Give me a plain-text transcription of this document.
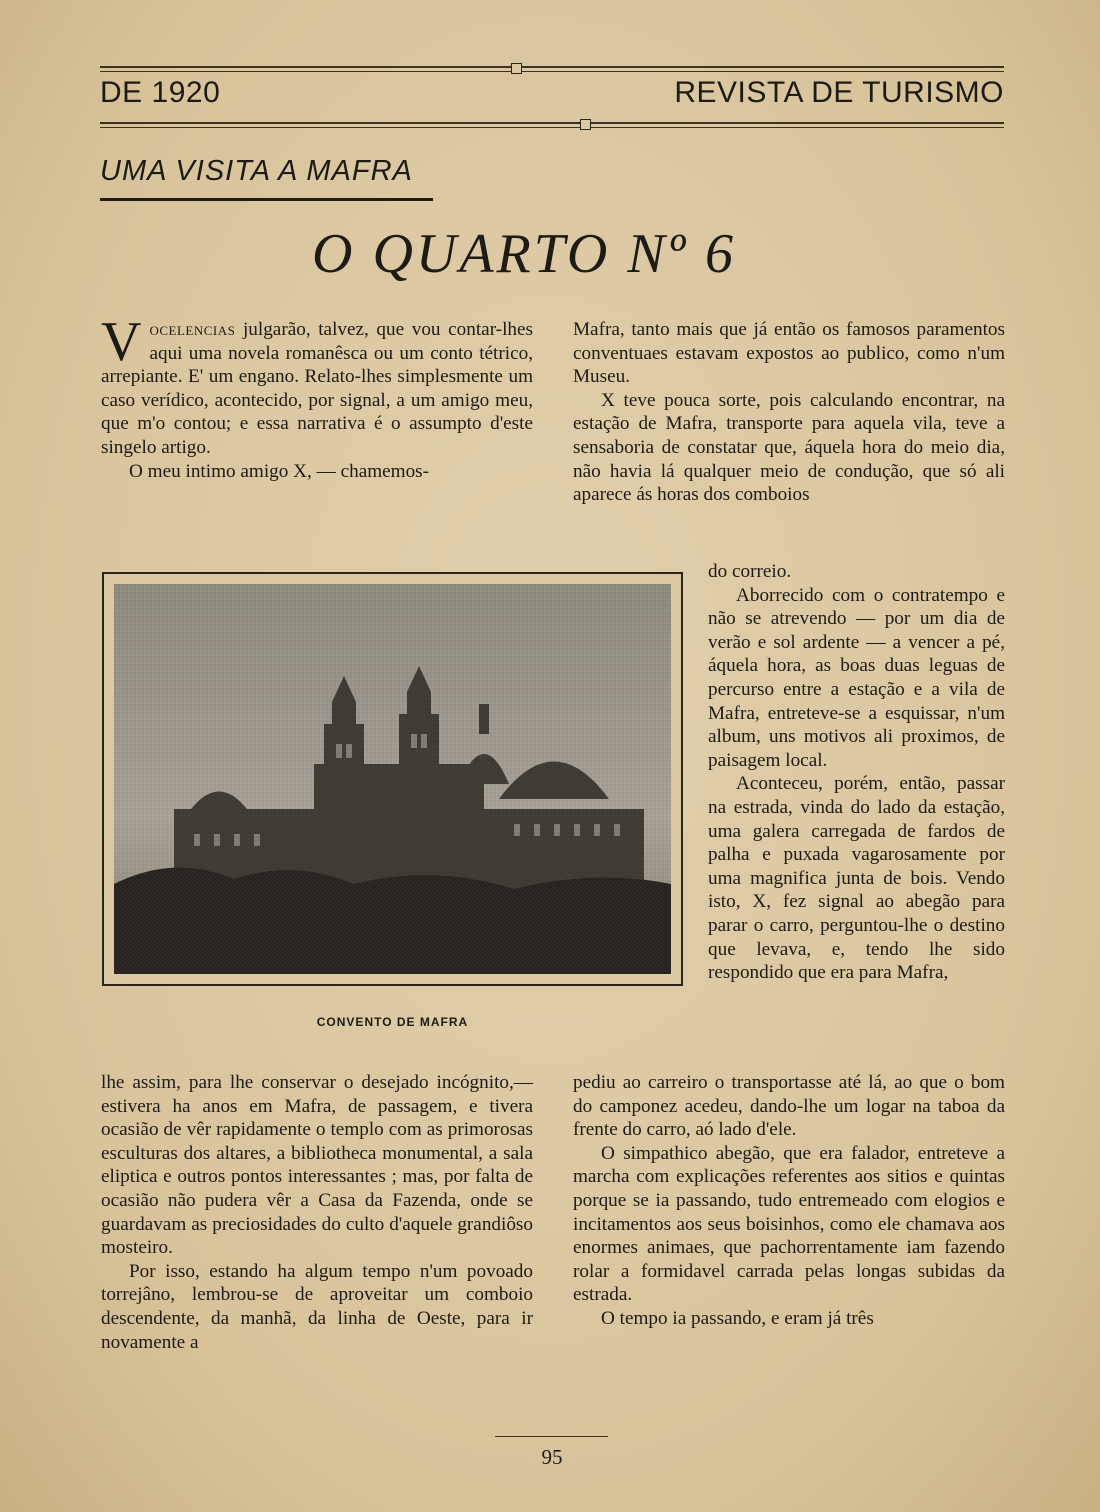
DE 1920	REVISTA DE TURISMO
UMA VISITA A MAFRA
O QUARTO Nº 6

Vocelencias julgarão, talvez, que vou contar-lhes aqui uma novela romanêsca ou um conto tétrico, arrepiante. E' um engano. Relato-lhes simplesmente um caso verídico, acontecido, por signal, a um amigo meu, que m'o contou; e essa narrativa é o assumpto d'este singelo artigo.

O meu intimo amigo X, — chamemos-

CONVENTO DE MAFRA

lhe assim, para lhe conservar o desejado incógnito,—estivera ha anos em Mafra, de passagem, e tivera ocasião de vêr rapidamente o templo com as primorosas esculturas dos altares, a bibliotheca monumental, a sala eliptica e outros pontos interessantes ; mas, por falta de ocasião não pudera vêr a Casa da Fazenda, onde se guardavam as preciosidades do culto d'aquele grandiôso mosteiro.

Por isso, estando ha algum tempo n'um povoado torrejâno, lembrou-se de aproveitar um comboio descendente, da manhã, da linha de Oeste, para ir novamente a

Mafra, tanto mais que já então os famosos paramentos conventuaes estavam expostos ao publico, como n'um Museu.

X teve pouca sorte, pois calculando encontrar, na estação de Mafra, transporte para aquela vila, teve a sensaboria de constatar que, áquela hora do meio dia, não havia lá qualquer meio de condução, que só ali aparece ás horas dos comboios

do correio.

Aborrecido com o contratempo e não se atrevendo — por um dia de verão e sol ardente — a vencer a pé, áquela hora, as boas duas leguas de percurso entre a estação e a vila de Mafra, entreteve-se a esquissar, n'um album, uns motivos ali proximos, de paisagem local.

Aconteceu, porém, então, passar na estrada, vinda do lado da estação, uma galera carregada de fardos de palha e puxada vagarosamente por uma magnifica junta de bois. Vendo isto, X, fez signal ao abegão para parar o carro, perguntou-lhe o destino que levava, e, tendo lhe sido respondido que era para Mafra,

pediu ao carreiro o transportasse até lá, ao que o bom do camponez acedeu, dando-lhe um logar na taboa da frente do carro, aó lado d'ele.

O simpathico abegão, que era falador, entreteve a marcha com explicações referentes aos sitios e quintas porque se ia passando, tudo entremeado com elogios e incitamentos aos seus boisinhos, como ele chamava aos enormes animaes, que pachorrentamente iam fazendo rolar a formidavel carrada pelas longas subidas da estrada.

O tempo ia passando, e eram já três

95
